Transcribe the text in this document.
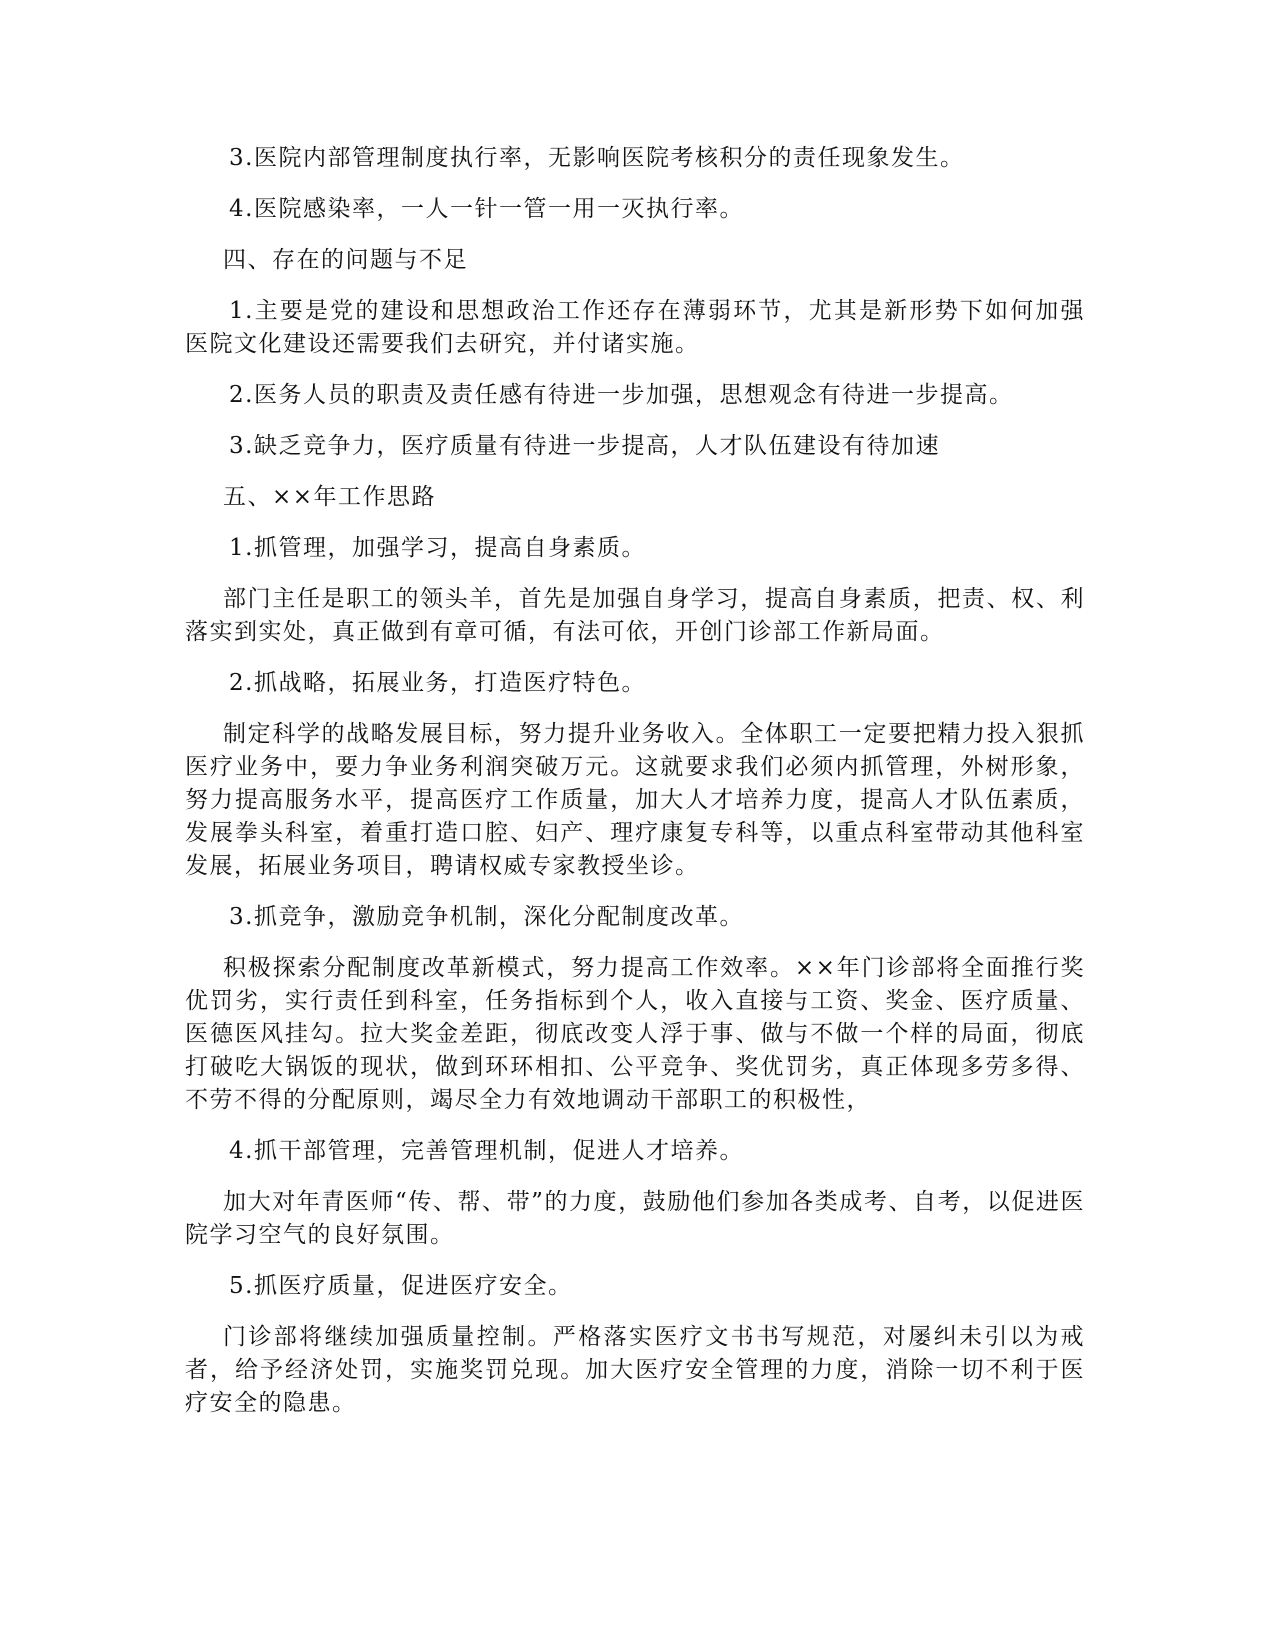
3.医院内部管理制度执行率，无影响医院考核积分的责任现象发生。

4.医院感染率，一人一针一管一用一灭执行率。

四、存在的问题与不足

1.主要是党的建设和思想政治工作还存在薄弱环节，尤其是新形势下如何加强医院文化建设还需要我们去研究，并付诸实施。

2.医务人员的职责及责任感有待进一步加强，思想观念有待进一步提高。

3.缺乏竞争力，医疗质量有待进一步提高，人才队伍建设有待加速

五、××年工作思路

1.抓管理，加强学习，提高自身素质。

部门主任是职工的领头羊，首先是加强自身学习，提高自身素质，把责、权、利落实到实处，真正做到有章可循，有法可依，开创门诊部工作新局面。

2.抓战略，拓展业务，打造医疗特色。

制定科学的战略发展目标，努力提升业务收入。全体职工一定要把精力投入狠抓医疗业务中，要力争业务利润突破万元。这就要求我们必须内抓管理，外树形象，努力提高服务水平，提高医疗工作质量，加大人才培养力度，提高人才队伍素质，发展拳头科室，着重打造口腔、妇产、理疗康复专科等，以重点科室带动其他科室发展，拓展业务项目，聘请权威专家教授坐诊。

3.抓竞争，激励竞争机制，深化分配制度改革。

积极探索分配制度改革新模式，努力提高工作效率。××年门诊部将全面推行奖优罚劣，实行责任到科室，任务指标到个人，收入直接与工资、奖金、医疗质量、医德医风挂勾。拉大奖金差距，彻底改变人浮于事、做与不做一个样的局面，彻底打破吃大锅饭的现状，做到环环相扣、公平竞争、奖优罚劣，真正体现多劳多得、不劳不得的分配原则，竭尽全力有效地调动干部职工的积极性，

4.抓干部管理，完善管理机制，促进人才培养。

加大对年青医师“传、帮、带”的力度，鼓励他们参加各类成考、自考，以促进医院学习空气的良好氛围。

5.抓医疗质量，促进医疗安全。

门诊部将继续加强质量控制。严格落实医疗文书书写规范，对屡纠未引以为戒者，给予经济处罚，实施奖罚兑现。加大医疗安全管理的力度，消除一切不利于医疗安全的隐患。
